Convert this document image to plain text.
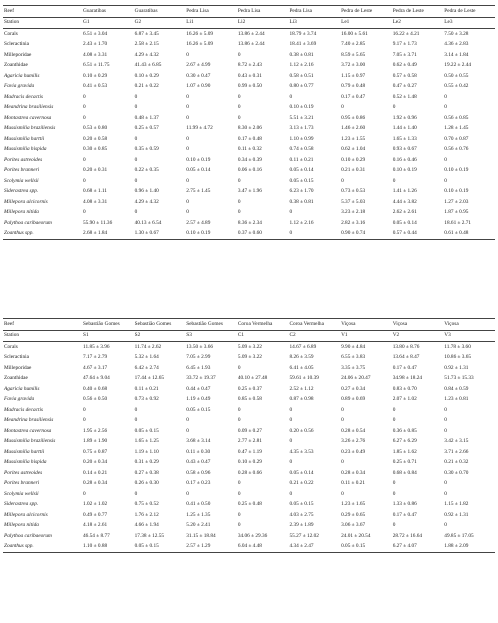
Reef	Guaratibas	Guaratibas	Pedra Lisa	Pedra Lisa	Pedra Lisa	Pedra de Leste	Pedra de Leste	Pedra de Leste
Station	G1	G2	Li1	Li2	Li3	Le1	Le2	Le3
Corals	6.51 ± 3.04	6.87 ± 3.45	16.26 ± 5.09	13.86 ± 2.44	18.79 ± 3.74	16.00 ± 5.61	16.22 ± 4.21	7.50 ± 3.28
Scleractinia	2.43 ± 1.70	2.58 ± 2.15	16.26 ± 5.09	13.86 ± 2.44	18.41 ± 3.69	7.40 ± 2.85	9.17 ± 1.73	4.36 ± 2.83
Milleporidae	4.08 ± 3.31	4.29 ± 4.32	0	0	0.38 ± 0.81	8.59 ± 5.65	7.05 ± 3.71	3.14 ± 1.84
Zoanthidae	6.51 ± 11.75	41.43 ± 6.85	2.67 ± 4.99	8.72 ± 2.43	1.12 ± 2.16	3.72 ± 3.00	0.62 ± 0.49	19.22 ± 2.44
Agaricia humilis	0.10 ± 0.29	0.10 ± 0.29	0.30 ± 0.47	0.43 ± 0.31	0.58 ± 0.51	1.15 ± 0.97	0.57 ± 0.58	0.50 ± 0.55
Favia gravida	0.41 ± 0.53	0.21 ± 0.22	1.07 ± 0.90	0.99 ± 0.50	0.80 ± 0.77	0.79 ± 0.48	0.47 ± 0.27	0.55 ± 0.42
Madracis decactis	0	0	0	0	0	0.17 ± 0.47	0.52 ± 1.48	0
Meandrina brasiliensis	0	0	0	0	0.10 ± 0.19	0	0	0
Montastrea cavernosa	0	0.48 ± 1.37	0	0	5.51 ± 3.21	0.95 ± 0.86	1.92 ± 0.96	0.56 ± 0.85
Mussismilia braziliensis	0.53 ± 0.80	0.25 ± 0.57	11.99 ± 4.72	8.30 ± 2.06	3.13 ± 1.73	1.46 ± 2.60	1.44 ± 1.40	1.28 ± 1.45
Mussismilia harttii	0.20 ± 0.58	0	0	0.17 ± 0.48	1.10 ± 0.99	1.23 ± 1.55	1.65 ± 1.33	0.70 ± 0.87
Mussismilia hispida	0.30 ± 0.85	0.35 ± 0.59	0	0.11 ± 0.32	0.74 ± 0.58	0.62 ± 1.04	0.93 ± 0.67	0.56 ± 0.76
Porites astreoides	0	0	0.10 ± 0.19	0.34 ± 0.39	0.11 ± 0.21	0.10 ± 0.29	0.16 ± 0.46	0
Porites branneri	0.20 ± 0.31	0.22 ± 0.35	0.05 ± 0.14	0.06 ± 0.16	0.05 ± 0.14	0.21 ± 0.31	0.10 ± 0.19	0.10 ± 0.19
Scolymia wellsii	0	0	0	0	0.05 ± 0.15	0	0	0
Siderastrea spp.	0.68 ± 1.11	0.96 ± 1.40	2.75 ± 1.45	3.47 ± 1.96	6.23 ± 1.70	0.73 ± 0.53	1.41 ± 1.26	0.10 ± 0.19
Millepora alcicornis	4.08 ± 3.31	4.29 ± 4.32	0	0	0.38 ± 0.81	5.37 ± 5.03	4.44 ± 3.82	1.27 ± 2.03
Millepora nitida	0	0	0	0	0	3.23 ± 2.18	2.62 ± 2.61	1.87 ± 0.95
Palythoa caribaeorum	55.90 ± 11.36	40.13 ± 6.54	2.57 ± 4.89	8.36 ± 2.34	1.12 ± 2.16	2.82 ± 3.16	0.05 ± 0.14	18.61 ± 2.71
Zoanthus spp.	2.68 ± 1.84	1.30 ± 0.67	0.10 ± 0.19	0.37 ± 0.60	0	0.90 ± 0.74	0.57 ± 0.44	0.61 ± 0.48
Reef	Sebastião Gomes	Sebastião Gomes	Sebastião Gomes	Coroa Vermelha	Coroa Vermelha	Viçosa	Viçosa	Viçosa
Station	S1	S2	S3	C1	C2	V1	V2	V3
Corals	11.85 ± 3.96	11.74 ± 2.62	13.50 ± 3.66	5.09 ± 3.22	14.67 ± 6.89	9.90 ± 4.84	13.80 ± 8.76	11.78 ± 3.60
Scleractinia	7.17 ± 2.79	5.32 ± 1.64	7.05 ± 2.99	5.09 ± 3.22	8.26 ± 3.59	6.55 ± 3.83	13.64 ± 8.47	10.86 ± 3.65
Milleporidae	4.67 ± 3.17	6.42 ± 2.74	6.45 ± 1.93	0	6.41 ± 4.05	3.35 ± 3.75	0.17 ± 0.47	0.92 ± 1.31
Zoanthidae	47.64 ± 9.04	17.44 ± 12.65	33.72 ± 19.37	40.10 ± 27.48	59.61 ± 10.39	24.06 ± 20.47	34.98 ± 18.24	51.73 ± 15.33
Agaricia humilis	0.40 ± 0.68	0.11 ± 0.21	0.44 ± 0.47	0.25 ± 0.37	2.52 ± 1.12	0.27 ± 0.34	0.83 ± 0.70	0.84 ± 0.59
Favia gravida	0.56 ± 0.50	0.73 ± 0.92	1.19 ± 0.49	0.85 ± 0.58	0.87 ± 0.98	0.89 ± 0.69	2.07 ± 1.02	1.23 ± 0.81
Madracis decactis	0	0	0.05 ± 0.15	0	0	0	0	0
Meandrina brasiliensis	0	0	0	0	0	0	0	0
Montastrea cavernosa	1.95 ± 2.56	0.05 ± 0.15	0	0.09 ± 0.27	0.20 ± 0.56	0.28 ± 0.54	0.36 ± 0.85	0
Mussismilia braziliensis	1.89 ± 1.90	1.65 ± 1.25	3.68 ± 3.14	2.77 ± 2.81	0	3.26 ± 2.76	6.27 ± 6.29	3.42 ± 3.15
Mussismilia harttii	0.75 ± 0.87	1.19 ± 1.10	0.11 ± 0.30	0.47 ± 1.19	4.35 ± 3.53	0.23 ± 0.49	1.85 ± 1.62	3.71 ± 2.66
Mussismilia hispida	0.20 ± 0.34	0.31 ± 0.29	0.43 ± 0.47	0.10 ± 0.29	0	0	0.25 ± 0.71	0.21 ± 0.32
Porites astreoides	0.14 ± 0.21	0.27 ± 0.38	0.58 ± 0.96	0.28 ± 0.66	0.05 ± 0.14	0.28 ± 0.34	0.68 ± 0.84	0.30 ± 0.70
Porites branneri	0.28 ± 0.34	0.26 ± 0.30	0.17 ± 0.23	0	0.21 ± 0.22	0.11 ± 0.21	0	0
Scolymia wellsii	0	0	0	0	0	0	0	0
Siderastrea spp.	1.02 ± 1.02	0.75 ± 0.52	0.41 ± 0.50	0.25 ± 0.48	0.05 ± 0.15	1.23 ± 1.65	1.33 ± 0.86	1.15 ± 1.82
Millepora alcicornis	0.49 ± 0.77	1.76 ± 2.12	1.25 ± 1.35	0	4.03 ± 2.75	0.29 ± 0.65	0.17 ± 0.47	0.92 ± 1.31
Millepora nitida	4.18 ± 2.61	4.66 ± 1.94	5.20 ± 2.41	0	2.39 ± 1.89	3.06 ± 3.67	0	0
Palythoa caribaeorum	46.54 ± 8.77	17.38 ± 12.55	31.15 ± 18.84	34.06 ± 29.36	55.27 ± 12.02	24.01 ± 20.54	28.72 ± 16.64	49.85 ± 17.05
Zoanthus spp.	1.10 ± 0.88	0.05 ± 0.15	2.57 ± 1.29	6.04 ± 4.48	4.34 ± 2.47	0.05 ± 0.15	6.27 ± 4.07	1.88 ± 2.09
